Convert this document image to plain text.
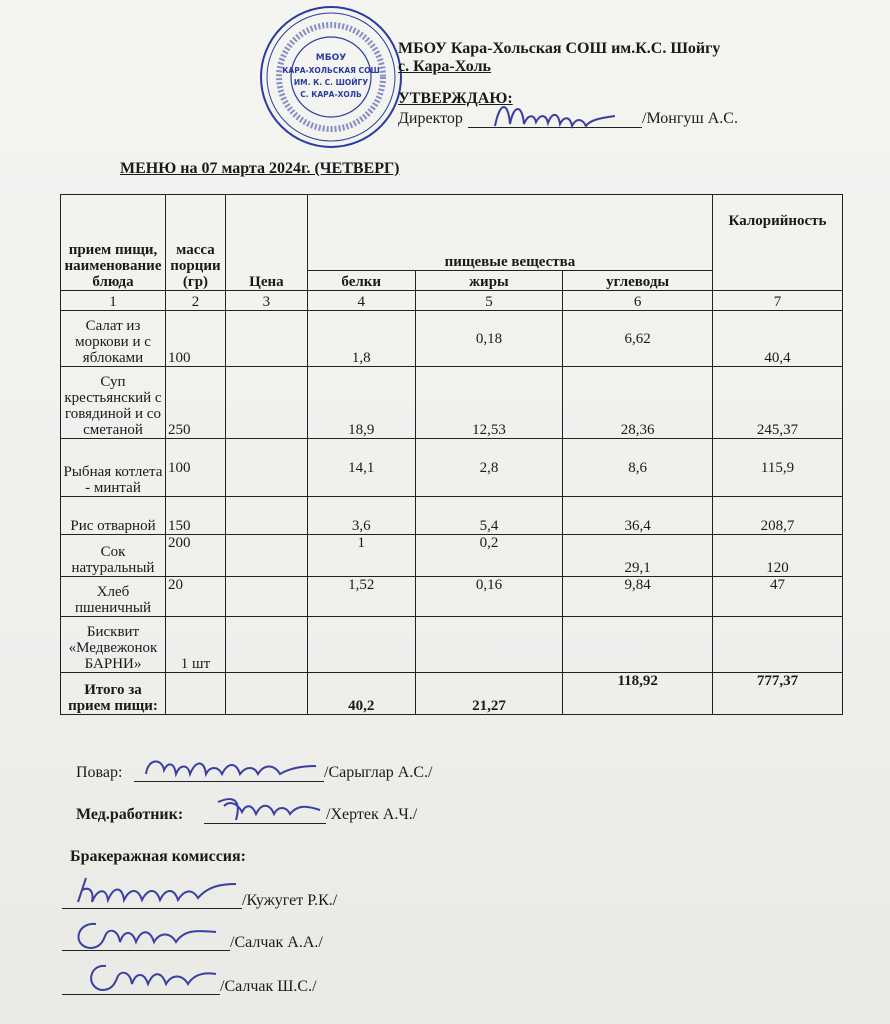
МБОУ
КАРА-ХОЛЬСКАЯ СОШ
ИМ. К. С. ШОЙГУ
С. КАРА-ХОЛЬ
МБОУ Кара-Хольская СОШ им.К.С. Шойгу
с. Кара-Холь
УТВЕРЖДАЮ:
Директор	/Монгуш А.С.
МЕНЮ на 07 марта 2024г. (ЧЕТВЕРГ)
прием пищи, наименование блюда	масса порции (гр)	Цена	пищевые вещества			Калорийность
			белки	жиры	углеводы	
1	2	3	4	5	6	7
Салат из моркови и с яблоками	100		1,8	0,18	6,62	40,4
Суп крестьянский с говядиной и со сметаной	250		18,9	12,53	28,36	245,37
Рыбная котлета - минтай	100		14,1	2,8	8,6	115,9
Рис отварной	150		3,6	5,4	36,4	208,7
Сок натуральный	200		1	0,2	29,1	120
Хлеб пшеничный	20		1,52	0,16	9,84	47
Бисквит «Медвежонок БАРНИ»	1 шт					
Итого за прием пищи:			40,2	21,27	118,92	777,37
Повар:	/Сарыглар А.С./
Мед.работник:	/Хертек А.Ч./
Бракеражная комиссия:
/Кужугет Р.К./
/Салчак А.А./
/Салчак Ш.С./
